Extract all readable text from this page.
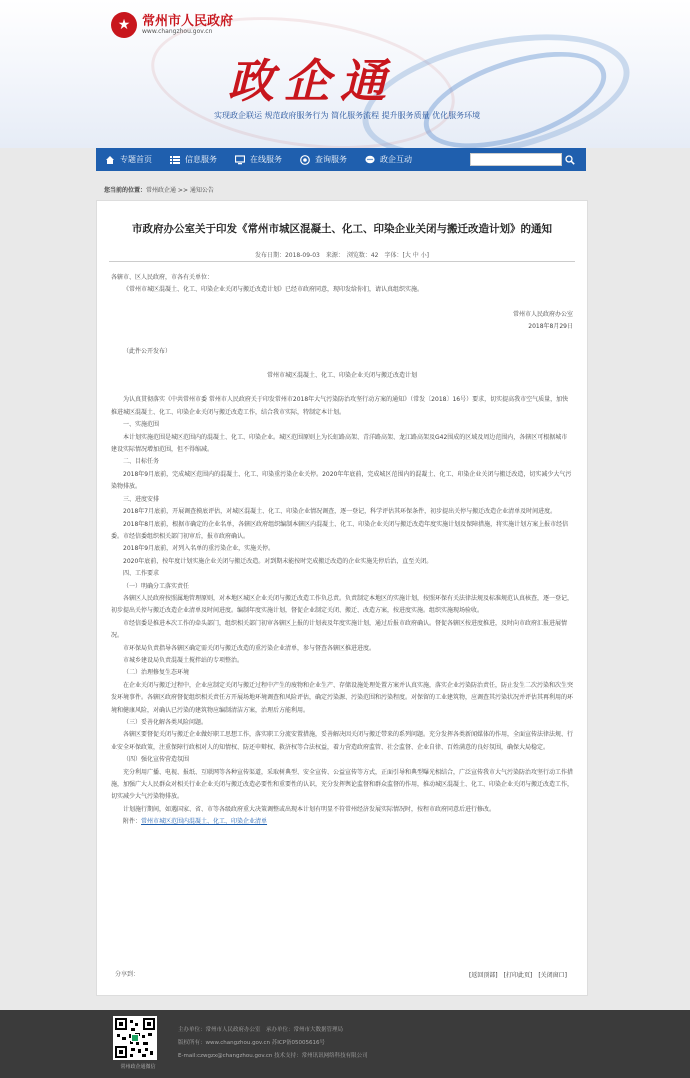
★ 常州市人民政府
www.changzhou.gov.cn
政企通
实现政企联运 规范政府服务行为 简化服务流程 提升服务质量 优化服务环境
专题首页	信息服务	在线服务	查询服务	政企互动
您当前的位置： 常州政企通 >> 通知公告
市政府办公室关于印发《常州市城区混凝土、化工、印染企业关闭与搬迁改造计划》的通知
发布日期：2018-09-03　来源：　浏览数：42　字体：[大 中 小]

各辖市、区人民政府，市各有关单位：

《常州市城区混凝土、化工、印染企业关闭与搬迁改造计划》已经市政府同意，现印发给你们，请认真组织实施。

常州市人民政府办公室

2018年8月29日

（此件公开发布）

常州市城区混凝土、化工、印染企业关闭与搬迁改造计划

为认真贯彻落实《中共常州市委 常州市人民政府关于印发常州市2018年大气污染防治攻坚行动方案的通知》（常发〔2018〕16号）要求，切实提高我市空气质量，加快推进城区混凝土、化工、印染企业关闭与搬迁改造工作，结合我市实际，特制定本计划。

一、实施范围

本计划实施范围是城区范围内的混凝土、化工、印染企业。城区范围原则上为长虹路高架、青洋路高架、龙江路高架及G42围成的区域及周边范围内，各辖区可根据城市建设实际情况增加范围，但不得缩减。

二、目标任务

2018年9月底前，完成城区范围内的混凝土、化工、印染重污染企业关停。2020年年底前，完成城区范围内的混凝土、化工、印染企业关闭与搬迁改造，切实减少大气污染物排放。

三、进度安排

2018年7月底前，开展调查摸底评估，对城区混凝土、化工、印染企业情况调查，逐一登记，科学评估其环保条件，初步提出关停与搬迁改造企业清单及时间进度。

2018年8月底前，根据市确定的企业名单，各辖区政府组织编制本辖区内混凝土、化工、印染企业关闭与搬迁改造年度实施计划及保障措施，将实施计划方案上报市经信委。市经信委组织相关部门初审后，报市政府确认。

2018年9月底前，对列入名单的重污染企业，实施关停。

2020年底前，按年度计划实施企业关闭与搬迁改造。对到期未能按时完成搬迁改造的企业实施先停后治，直至关闭。

四、工作要求

（一）明确分工落实责任

各辖区人民政府按照属地管理原则，对本地区城区企业关闭与搬迁改造工作负总责。负责制定本地区的实施计划，按照环保有关法律法规及标准规范认真核查，逐一登记，初步提出关停与搬迁改造企业清单及时间进度。编制年度实施计划，督促企业制定关闭、搬迁、改造方案，按进度实施。组织实施现场验收。

市经信委是推进本次工作的牵头部门，组织相关部门初审各辖区上报的计划表及年度实施计划，通过后报市政府确认。督促各辖区按进度推进，及时向市政府汇报进展情况。

市环保局负责指导各辖区确定需关闭与搬迁改造的重污染企业清单，参与督查各辖区推进进度。

市城乡建设局负责混凝土搅拌站的专项整治。

（二）治理修复生态环境

在企业关闭与搬迁过程中，企业应制定关闭与搬迁过程中产生的废物和企业生产、存储设施处理处置方案并认真实施，落实企业污染防治责任，防止发生二次污染和次生突发环境事件。各辖区政府督促组织相关责任方开展场地环境调查和风险评估，确定污染源、污染范围和污染程度。对保留的工业建筑物，应调查其污染状况并评估其再利用的环境和健康风险，对确认已污染的建筑物应编制清洁方案，治理后方能利用。

（三）妥善化解各类风险问题。

各辖区要督促关闭与搬迁企业做好职工思想工作，落实职工分流安置措施，妥善解决因关闭与搬迁带来的系列问题。充分发挥各类新闻媒体的作用，全面宣传法律法规、行业安全环保政策，注重保障行政相对人的知情权、防还申辩权、救济权等合法权益，着力营造政府监管、社会监督、企业自律、百姓满意的良好氛围，确保大局稳定。

（四）强化宣传营造氛围

充分利用广播、电视、报纸、互联网等各种宣传渠道，采取树典型、安全宣传、公益宣传等方式，正面引导和典型曝光相结合，广泛宣传我市大气污染防治攻坚行动工作措施，加强广大人民群众对相关行业企业关闭与搬迁改造必要性和重要性的认识，充分发挥舆论监督和群众监督的作用，推动城区混凝土、化工、印染企业关闭与搬迁改造工作，切实减少大气污染物排放。

计划施行期间，如遇国家、省、市等各级政府重大决策调整或出现本计划有明显不符常州经济发展实际情况时，按程市政府同意后进行修改。

附件：常州市城区范围内混凝土、化工、印染企业清单

分享到：	[返回顶部] [打印此页] [关闭窗口]
常州政企通微信
主办单位：常州市人民政府办公室　承办单位：常州市大数据管理局
版权所有：www.changzhou.gov.cn 苏ICP备05005616号
E-mail:czwgzx@changzhou.gov.cn 技术支持：常州讯讯网络科技有限公司
